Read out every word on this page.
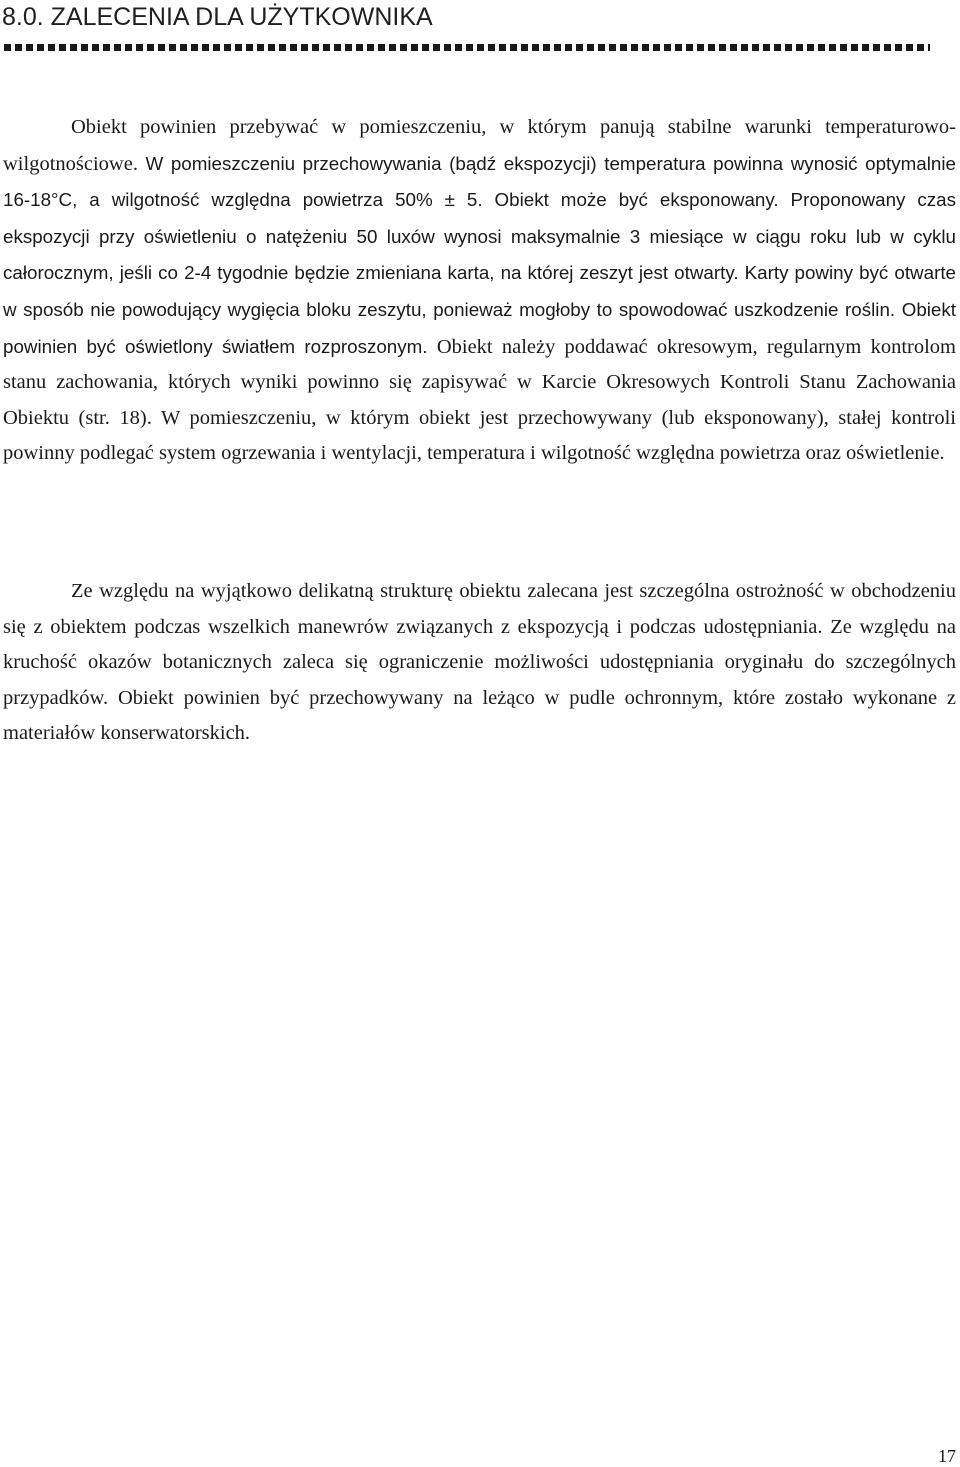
8.0. ZALECENIA DLA UŻYTKOWNIKA

Obiekt powinien przebywać w pomieszczeniu, w którym panują stabilne warunki temperaturowo- wilgotnościowe. W pomieszczeniu przechowywania (bądź ekspozycji) temperatura powinna wynosić optymalnie 16-18°C, a wilgotność względna powietrza 50% ± 5. Obiekt może być eksponowany. Proponowany czas ekspozycji przy oświetleniu o natężeniu 50 luxów wynosi maksymalnie 3 miesiące w ciągu roku lub w cyklu całorocznym, jeśli co 2-4 tygodnie będzie zmieniana karta, na której zeszyt jest otwarty. Karty powiny być otwarte w sposób nie powodujący wygięcia bloku zeszytu, ponieważ mogłoby to spowodować uszkodzenie roślin. Obiekt powinien być oświetlony światłem rozproszonym. Obiekt należy poddawać okresowym, regularnym kontrolom stanu zachowania, których wyniki powinno się zapisywać w Karcie Okresowych Kontroli Stanu Zachowania Obiektu (str. 18). W pomieszczeniu, w którym obiekt jest przechowywany (lub eksponowany), stałej kontroli powinny podlegać system ogrzewania i wentylacji, temperatura i wilgotność względna powietrza oraz oświetlenie.

Ze względu na wyjątkowo delikatną strukturę obiektu zalecana jest szczególna ostrożność w obchodzeniu się z obiektem podczas wszelkich manewrów związanych z ekspozycją i podczas udostępniania. Ze względu na kruchość okazów botanicznych zaleca się ograniczenie możliwości udostępniania oryginału do szczególnych przypadków. Obiekt powinien być przechowywany na leżąco w pudle ochronnym, które zostało wykonane z materiałów konserwatorskich.

17
